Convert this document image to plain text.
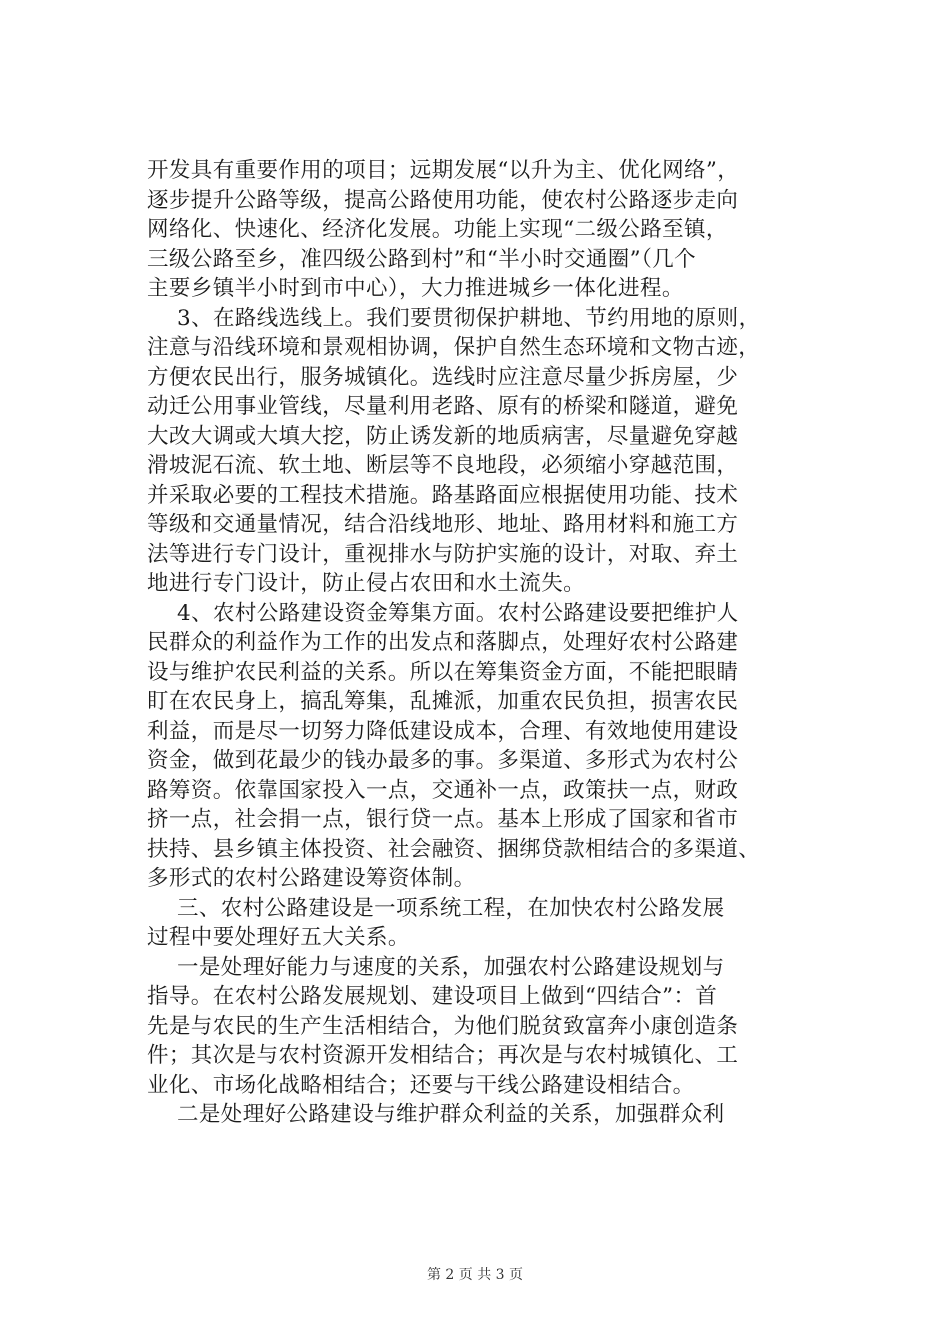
开发具有重要作用的项目；远期发展“以升为主、优化网络”，
逐步提升公路等级，提高公路使用功能，使农村公路逐步走向
网络化、快速化、经济化发展。功能上实现“二级公路至镇，
三级公路至乡，准四级公路到村”和“半小时交通圈”（几个
主要乡镇半小时到市中心），大力推进城乡一体化进程。
3、在路线选线上。我们要贯彻保护耕地、节约用地的原则，
注意与沿线环境和景观相协调，保护自然生态环境和文物古迹，
方便农民出行，服务城镇化。选线时应注意尽量少拆房屋，少
动迁公用事业管线，尽量利用老路、原有的桥梁和隧道，避免
大改大调或大填大挖，防止诱发新的地质病害，尽量避免穿越
滑坡泥石流、软土地、断层等不良地段，必须缩小穿越范围，
并采取必要的工程技术措施。路基路面应根据使用功能、技术
等级和交通量情况，结合沿线地形、地址、路用材料和施工方
法等进行专门设计，重视排水与防护实施的设计，对取、弃土
地进行专门设计，防止侵占农田和水土流失。
4、农村公路建设资金筹集方面。农村公路建设要把维护人
民群众的利益作为工作的出发点和落脚点，处理好农村公路建
设与维护农民利益的关系。所以在筹集资金方面，不能把眼睛
盯在农民身上，搞乱筹集，乱摊派，加重农民负担，损害农民
利益，而是尽一切努力降低建设成本，合理、有效地使用建设
资金，做到花最少的钱办最多的事。多渠道、多形式为农村公
路筹资。依靠国家投入一点，交通补一点，政策扶一点，财政
挤一点，社会捐一点，银行贷一点。基本上形成了国家和省市
扶持、县乡镇主体投资、社会融资、捆绑贷款相结合的多渠道、
多形式的农村公路建设筹资体制。
三、农村公路建设是一项系统工程，在加快农村公路发展
过程中要处理好五大关系。
一是处理好能力与速度的关系，加强农村公路建设规划与
指导。在农村公路发展规划、建设项目上做到“四结合”：首
先是与农民的生产生活相结合，为他们脱贫致富奔小康创造条
件；其次是与农村资源开发相结合；再次是与农村城镇化、工
业化、市场化战略相结合；还要与干线公路建设相结合。
二是处理好公路建设与维护群众利益的关系，加强群众利
第 2 页 共 3 页
